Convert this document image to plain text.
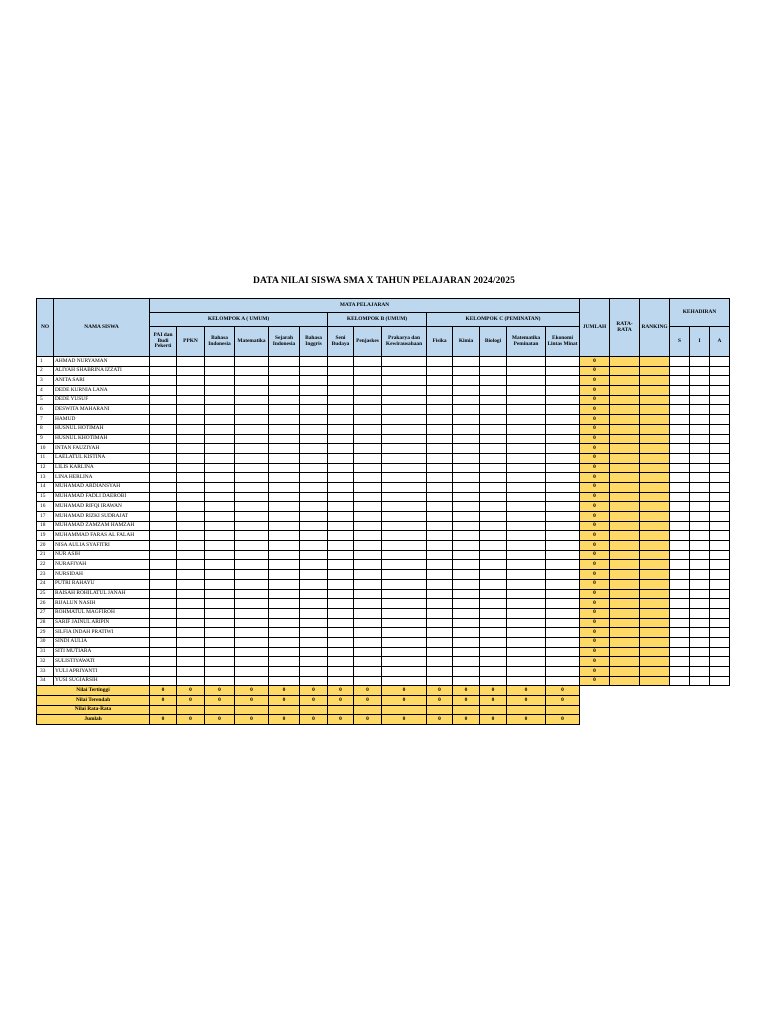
DATA NILAI SISWA SMA X TAHUN PELAJARAN 2024/2025
NO	NAMA SISWA	MATA PELAJARAN														JUMLAH	RATA-RATA	RANKING	KEHADIRAN		
		KELOMPOK A ( UMUM)						KELOMPOK B (UMUM)			KELOMPOK C (PEMINATAN)										
		PAI dan Budi Pekerti	PPKN	Bahasa Indonesia	Matematika	Sejarah Indonesia	Bahasa Inggris	Seni Budaya	Penjaskes	Prakarya dan Kewirausahaan	Fisika	Kimia	Biologi	Matematika Peminatan	Ekonomi Lintas Minat				S	I	A
1	AHMAD NURYAMAN															0					
2	ALIYAH SHABRINA IZZATI															0					
3	ANITA SARI															0					
4	DEDE KURNIA LANA															0					
5	DEDE YUSUF															0					
6	DESWITA MAHARANI															0					
7	HAMUD															0					
8	HUSNUL HOTIMAH															0					
9	HUSNUL KHOTIMAH															0					
10	INTAN FAUZIYAH															0					
11	LAELATUL KISTINA															0					
12	LILIS KARLINA															0					
13	LINA HERLINA															0					
14	MUHAMAD ARDIANSYAH															0					
15	MUHAMAD FADLI DAEROBI															0					
16	MUHAMAD RIFQI IRAWAN															0					
17	MUHAMAD RIZKI SUDRAJAT															0					
18	MUHAMAD ZAMZAM HAMZAH															0					
19	MUHAMMAD FARAS AL FALAH															0					
20	NISA AULIA SYAFITRI															0					
21	NUR ASIH															0					
22	NURAFIYAH															0					
23	NURSIDAH															0					
24	PUTRI RAHAYU															0					
25	RAISAH ROHILATUL JANAH															0					
26	RIJALUN NASIH															0					
27	ROHMATUL MAGFIROH															0					
28	SARIF JAINUL ARIPIN															0					
29	SILFIA INDAH PRATIWI															0					
30	SINDI AULIA															0					
31	SITI MUTIARA															0					
32	SULISTIYAWATI															0					
33	YULI APRIYANTI															0					
34	YUSI SUGIARSIH															0					
Nilai Tertinggi		0	0	0	0	0	0	0	0	0	0	0	0	0	0						
Nilai Terendah		0	0	0	0	0	0	0	0	0	0	0	0	0	0						
Nilai Rata-Rata																					
Jumlah		0	0	0	0	0	0	0	0	0	0	0	0	0	0						
